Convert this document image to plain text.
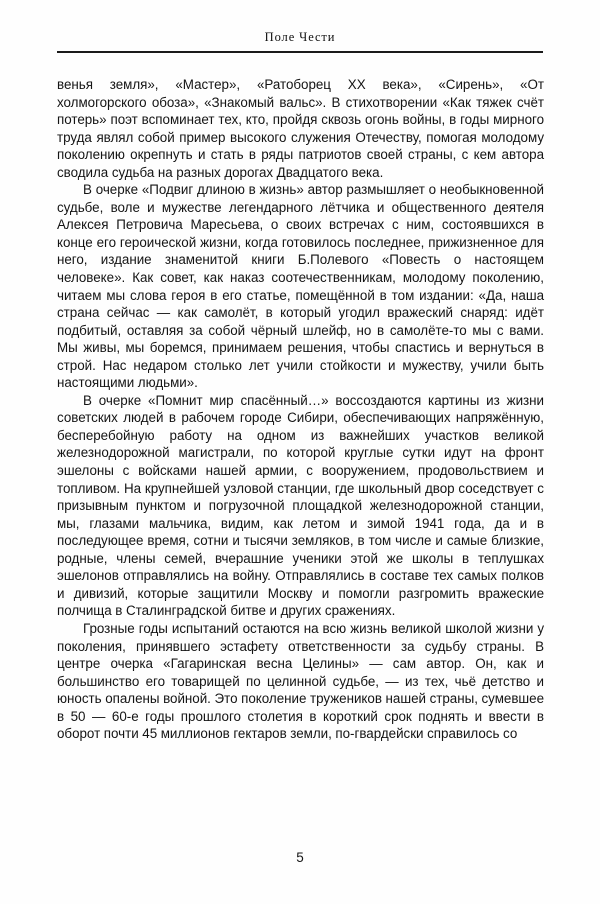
Поле Чести

венья земля», «Мастер», «Ратоборец XX века», «Сирень», «От холмогорского обоза», «Знакомый вальс». В стихотворении «Как тяжек счёт потерь» поэт вспоминает тех, кто, пройдя сквозь огонь войны, в годы мирного труда являл собой пример высокого служения Отечеству, помогая молодому поколению окрепнуть и стать в ряды патриотов своей страны, с кем автора сводила судьба на разных дорогах Двадцатого века.

В очерке «Подвиг длиною в жизнь» автор размышляет о необыкновенной судьбе, воле и мужестве легендарного лётчика и общественного деятеля Алексея Петровича Маресьева, о своих встречах с ним, состоявшихся в конце его героической жизни, когда готовилось последнее, прижизненное для него, издание знаменитой книги Б.Полевого «Повесть о настоящем человеке». Как совет, как наказ соотечественникам, молодому поколению, читаем мы слова героя в его статье, помещённой в том издании: «Да, наша страна сейчас — как самолёт, в который угодил вражеский снаряд: идёт подбитый, оставляя за собой чёрный шлейф, но в самолёте-то мы с вами. Мы живы, мы боремся, принимаем решения, чтобы спастись и вернуться в строй. Нас недаром столько лет учили стойкости и мужеству, учили быть настоящими людьми».

В очерке «Помнит мир спасённый…» воссоздаются картины из жизни советских людей в рабочем городе Сибири, обеспечивающих напряжённую, бесперебойную работу на одном из важнейших участков великой железнодорожной магистрали, по которой круглые сутки идут на фронт эшелоны с войсками нашей армии, с вооружением, продовольствием и топливом. На крупнейшей узловой станции, где школьный двор соседствует с призывным пунктом и погрузочной площадкой железнодорожной станции, мы, глазами мальчика, видим, как летом и зимой 1941 года, да и в последующее время, сотни и тысячи земляков, в том числе и самые близкие, родные, члены семей, вчерашние ученики этой же школы в теплушках эшелонов отправлялись на войну. Отправлялись в составе тех самых полков и дивизий, которые защитили Москву и помогли разгромить вражеские полчища в Сталинградской битве и других сражениях.

Грозные годы испытаний остаются на всю жизнь великой школой жизни у поколения, принявшего эстафету ответственности за судьбу страны. В центре очерка «Гагаринская весна Целины» — сам автор. Он, как и большинство его товарищей по целинной судьбе, — из тех, чьё детство и юность опалены войной. Это поколение тружеников нашей страны, сумевшее в 50 — 60-е годы прошлого столетия в короткий срок поднять и ввести в оборот почти 45 миллионов гектаров земли, по-гвардейски справилось со

5
